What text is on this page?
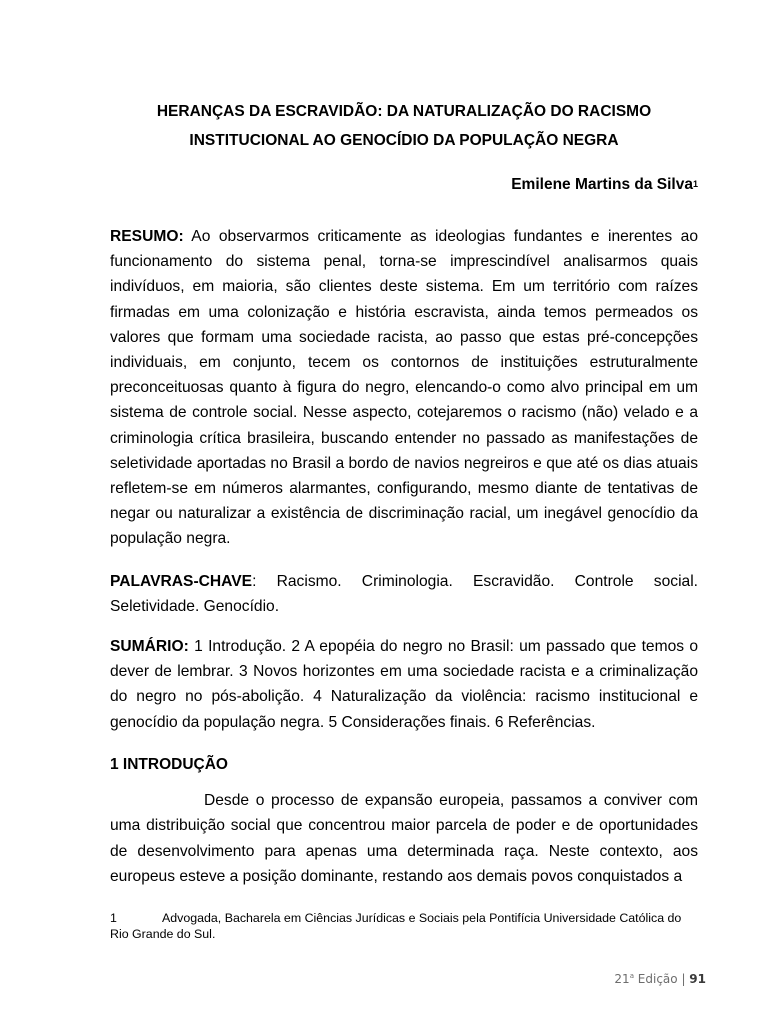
HERANÇAS DA ESCRAVIDÃO: DA NATURALIZAÇÃO DO RACISMO
INSTITUCIONAL AO GENOCÍDIO DA POPULAÇÃO NEGRA

Emilene Martins da Silva$^1$

RESUMO: Ao observarmos criticamente as ideologias fundantes e inerentes ao funcionamento do sistema penal, torna-se imprescindível analisarmos quais indivíduos, em maioria, são clientes deste sistema. Em um território com raízes firmadas em uma colonização e história escravista, ainda temos permeados os valores que formam uma sociedade racista, ao passo que estas pré-concepções individuais, em conjunto, tecem os contornos de instituições estruturalmente preconceituosas quanto à figura do negro, elencando-o como alvo principal em um sistema de controle social. Nesse aspecto, cotejaremos o racismo (não) velado e a criminologia crítica brasileira, buscando entender no passado as manifestações de seletividade aportadas no Brasil a bordo de navios negreiros e que até os dias atuais refletem-se em números alarmantes, configurando, mesmo diante de tentativas de negar ou naturalizar a existência de discriminação racial, um inegável genocídio da população negra.

PALAVRAS-CHAVE: Racismo. Criminologia. Escravidão. Controle social. Seletividade. Genocídio.

SUMÁRIO: 1 Introdução. 2 A epopéia do negro no Brasil: um passado que temos o dever de lembrar. 3 Novos horizontes em uma sociedade racista e a criminalização do negro no pós-abolição. 4 Naturalização da violência: racismo institucional e genocídio da população negra. 5 Considerações finais. 6 Referências.

1 INTRODUÇÃO

Desde o processo de expansão europeia, passamos a conviver com uma distribuição social que concentrou maior parcela de poder e de oportunidades de desenvolvimento para apenas uma determinada raça. Neste contexto, aos europeus esteve a posição dominante, restando aos demais povos conquistados a

1	Advogada, Bacharela em Ciências Jurídicas e Sociais pela Pontifícia Universidade Católica do Rio Grande do Sul.

21$^a$ Edição | 91
